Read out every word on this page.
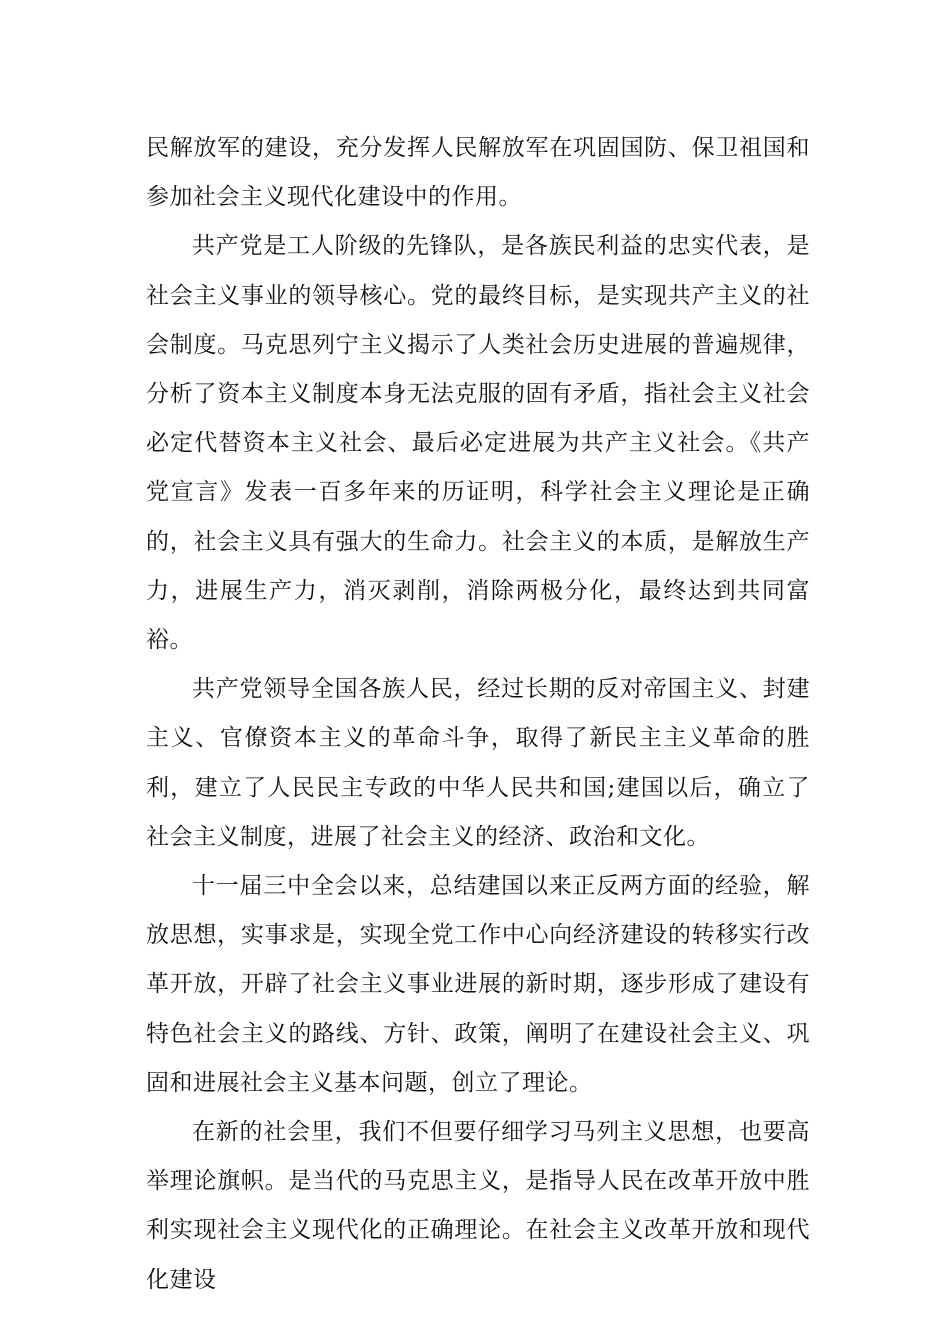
民解放军的建设，充分发挥人民解放军在巩固国防、保卫祖国和参加社会主义现代化建设中的作用。

共产党是工人阶级的先锋队，是各族民利益的忠实代表，是社会主义事业的领导核心。党的最终目标，是实现共产主义的社会制度。马克思列宁主义揭示了人类社会历史进展的普遍规律，分析了资本主义制度本身无法克服的固有矛盾，指社会主义社会必定代替资本主义社会、最后必定进展为共产主义社会。《共产党宣言》发表一百多年来的历证明，科学社会主义理论是正确的，社会主义具有强大的生命力。社会主义的本质，是解放生产力，进展生产力，消灭剥削，消除两极分化，最终达到共同富裕。

共产党领导全国各族人民，经过长期的反对帝国主义、封建主义、官僚资本主义的革命斗争，取得了新民主主义革命的胜利，建立了人民民主专政的中华人民共和国;建国以后，确立了社会主义制度，进展了社会主义的经济、政治和文化。

十一届三中全会以来，总结建国以来正反两方面的经验，解放思想，实事求是，实现全党工作中心向经济建设的转移实行改革开放，开辟了社会主义事业进展的新时期，逐步形成了建设有特色社会主义的路线、方针、政策，阐明了在建设社会主义、巩固和进展社会主义基本问题，创立了理论。

在新的社会里，我们不但要仔细学习马列主义思想，也要高举理论旗帜。是当代的马克思主义，是指导人民在改革开放中胜利实现社会主义现代化的正确理论。在社会主义改革开放和现代化建设
